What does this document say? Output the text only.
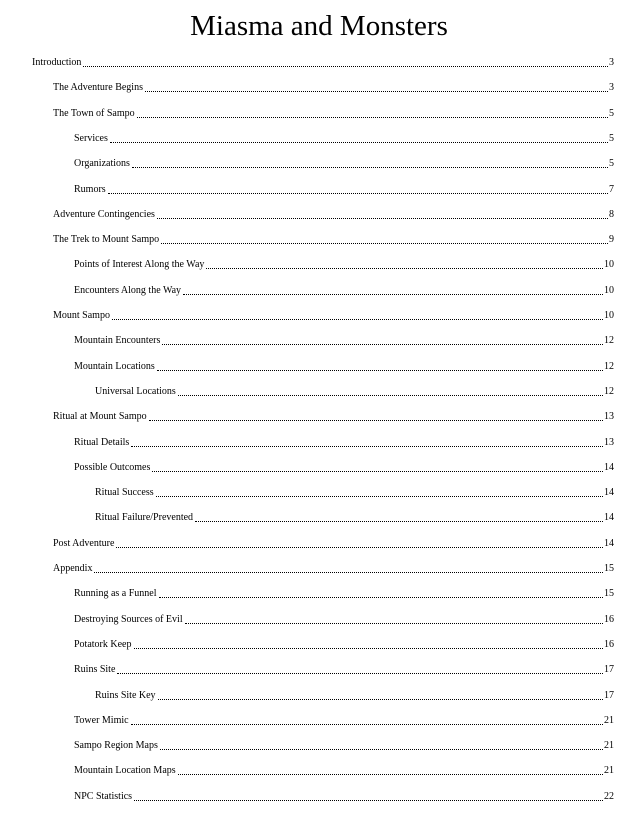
Miasma and Monsters
Introduction	3
The Adventure Begins	3
The Town of Sampo	5
Services	5
Organizations	5
Rumors	7
Adventure Contingencies	8
The Trek to Mount Sampo	9
Points of Interest Along the Way	10
Encounters Along the Way	10
Mount Sampo	10
Mountain Encounters	12
Mountain Locations	12
Universal Locations	12
Ritual at Mount Sampo	13
Ritual Details	13
Possible Outcomes	14
Ritual Success	14
Ritual Failure/Prevented	14
Post Adventure	14
Appendix	15
Running as a Funnel	15
Destroying Sources of Evil	16
Potatork Keep	16
Ruins Site	17
Ruins Site Key	17
Tower Mimic	21
Sampo Region Maps	21
Mountain Location Maps	21
NPC Statistics	22
